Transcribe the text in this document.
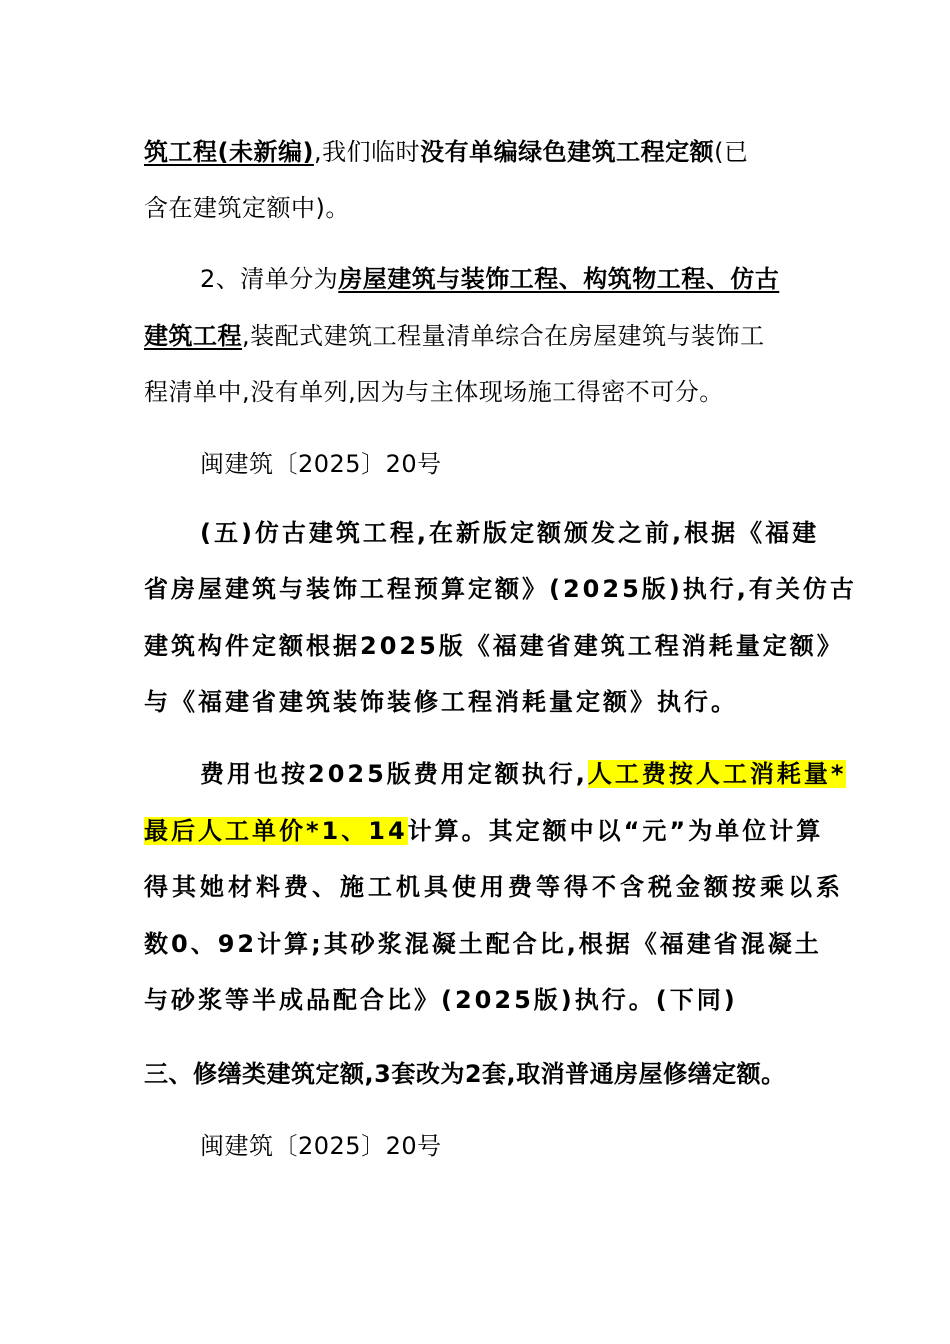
筑工程(未新编),我们临时没有单编绿色建筑工程定额(已
含在建筑定额中)。
2、清单分为房屋建筑与装饰工程、构筑物工程、仿古
建筑工程,装配式建筑工程量清单综合在房屋建筑与装饰工
程清单中,没有单列,因为与主体现场施工得密不可分。
闽建筑〔2025〕20号
(五)仿古建筑工程,在新版定额颁发之前,根据《福建
省房屋建筑与装饰工程预算定额》(2025版)执行,有关仿古
建筑构件定额根据2025版《福建省建筑工程消耗量定额》
与《福建省建筑装饰装修工程消耗量定额》执行。
费用也按2025版费用定额执行,人工费按人工消耗量*
最后人工单价*1、14计算。其定额中以“元”为单位计算
得其她材料费、施工机具使用费等得不含税金额按乘以系
数0、92计算;其砂浆混凝土配合比,根据《福建省混凝土
与砂浆等半成品配合比》(2025版)执行。(下同)
三、修缮类建筑定额,3套改为2套,取消普通房屋修缮定额。
闽建筑〔2025〕20号
